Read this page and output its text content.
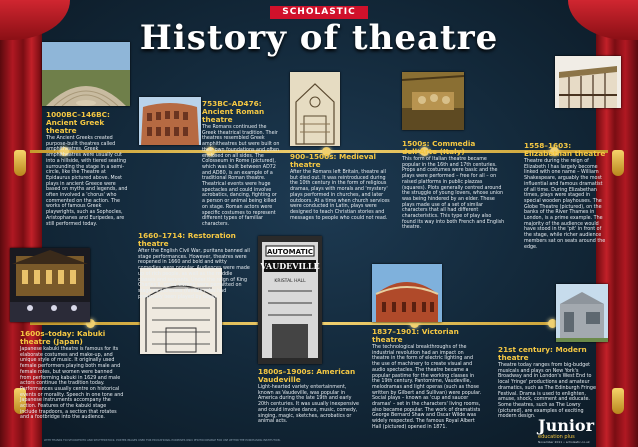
SCHOLASTIC
History of theatre
AUTOMATIC
VAUDEVILLE
KRISTAL HALL
1000BC–146BC: Ancient Greek theatre
The Ancient Greeks created purpose-built theatres called amphitheatres. Greek amphitheatres were usually cut into a hillside, with tiered seating surrounding the stage in a semi-circle, like the Theatre at Epidaurus pictured above. Most plays in ancient Greece were based on myths and legends, and often involved a 'chorus' who commented on the action. The works of famous Greek playwrights, such as Sophocles, Aristophanes and Euripedes, are still performed today.
753BC–AD476: Ancient Roman theatre
The Romans continued the Greek theatrical tradition. Their theatres resembled Greek amphitheatres but were built on their own foundations and often enclosed on all sides. The Colosseum in Rome (pictured), which was built between AD72 and AD80, is an example of a traditional Roman theatre. Theatrical events were huge spectacles and could involve acrobatics, dancing, fighting or a person or animal being killed on stage. Roman actors were specific costumes to represent different types of familiar characters.
900–1500s: Medieval theatre
After the Romans left Britain, theatre all but died out. It was reintroduced during the 10th century in the form of religious dramas, plays with morals and 'mystery' plays performed in churches, and later outdoors. At a time when church services were conducted in Latin, plays were designed to teach Christian stories and messages to people who could not read.
1500s: Commedia dell'Arte (Italy)
This form of Italian theatre became popular in the 16th and 17th centuries. Props and costumes were basic and the plays were performed – free for all – on raised platforms in public piazzas (squares). Plots generally centred around the struggle of young lovers, whose union was being hindered by an elder. These plays made use of a set of similar characters that all had different characteristics. This type of play also found its way into both French and English theatre.
1558–1603: Elizabethan theatre
Theatre during the reign of Elizabeth I has largely become linked with one name – William Shakespeare, arguably the most influential and famous dramatist of all time. During Elizabethan times, plays were staged in special wooden playhouses. The Globe Theatre (pictured), on the banks of the River Thames in London, is a prime example. The majority of the audience would have stood in the 'pit' in front of the stage, while richer audience members sat on seats around the edge.
1600s–today: Kabuki theatre (Japan)
Japanese kabuki theatre is famous for its elaborate costumes and make-up, and unique style of music. It originally used female performers playing both male and female roles, but women were banned from performing kabuki in 1629 and male actors continue the tradition today. Performances usually centre on historical events or morality. Speech in one tone and Japanese instruments accompany the action. Features of the kabuki stage include trapdoors, a section that rotates and a footbridge into the audience.
1660–1714: Restoration theatre
After the English Civil War, puritans banned all stage performances. However, theatres were reopened in 1660 and bold and witty comedies were popular. Audiences were made up of rich people, as well as the middle classes and servants. Under the reign of King Charles II, some women were permitted on stage as actresses (female roles had previously been played by boys).
1800s–1900s: American Vaudeville
Light-hearted variety entertainment, known as Vaudeville, was popular in America during the late 19th and early 20th centuries. It was usually inexpensive and could involve dance, music, comedy, singing, magic, sketches, acrobatics or animal acts.
1837–1901: Victorian theatre
The technological breakthroughs of the industrial revolution had an impact on theatre in the form of electric lighting and the use of machinery to create visual and audio spectacles. The theatre became a popular pastime for the working classes in the 19th century. Pantomime, Vaudeville, melodramas and light operas (such as those written by Gilbert and Sullivan) were popular. Social plays – known as 'cup and saucer dramas' – set in the characters' living rooms, also became popular. The work of dramatists George Bernard Shaw and Oscar Wilde was widely respected. The famous Royal Albert Hall (pictured) opened in 1871.
21st century: Modern theatre
Theatre today ranges from big-budget musicals and plays on New York's Broadway and in London's West End to local 'fringe' productions and amateur dramatics, such as The Edinburgh Fringe Festival. Drama is used to enlighten, amuse, shock, comment and educate. Some theatres, such as The Lowry (pictured), are examples of exciting modern design.
WITH THANKS TO ISTOCKPHOTO AND SHUTTERSTOCK. POSTER IMAGES USED FOR EDUCATIONAL PURPOSES ONLY. PHOTOCOPIABLE FOR USE WITHIN THE PURCHASING INSTITUTION.
Junior
education plus
November 2011 • scholastic.co.uk
